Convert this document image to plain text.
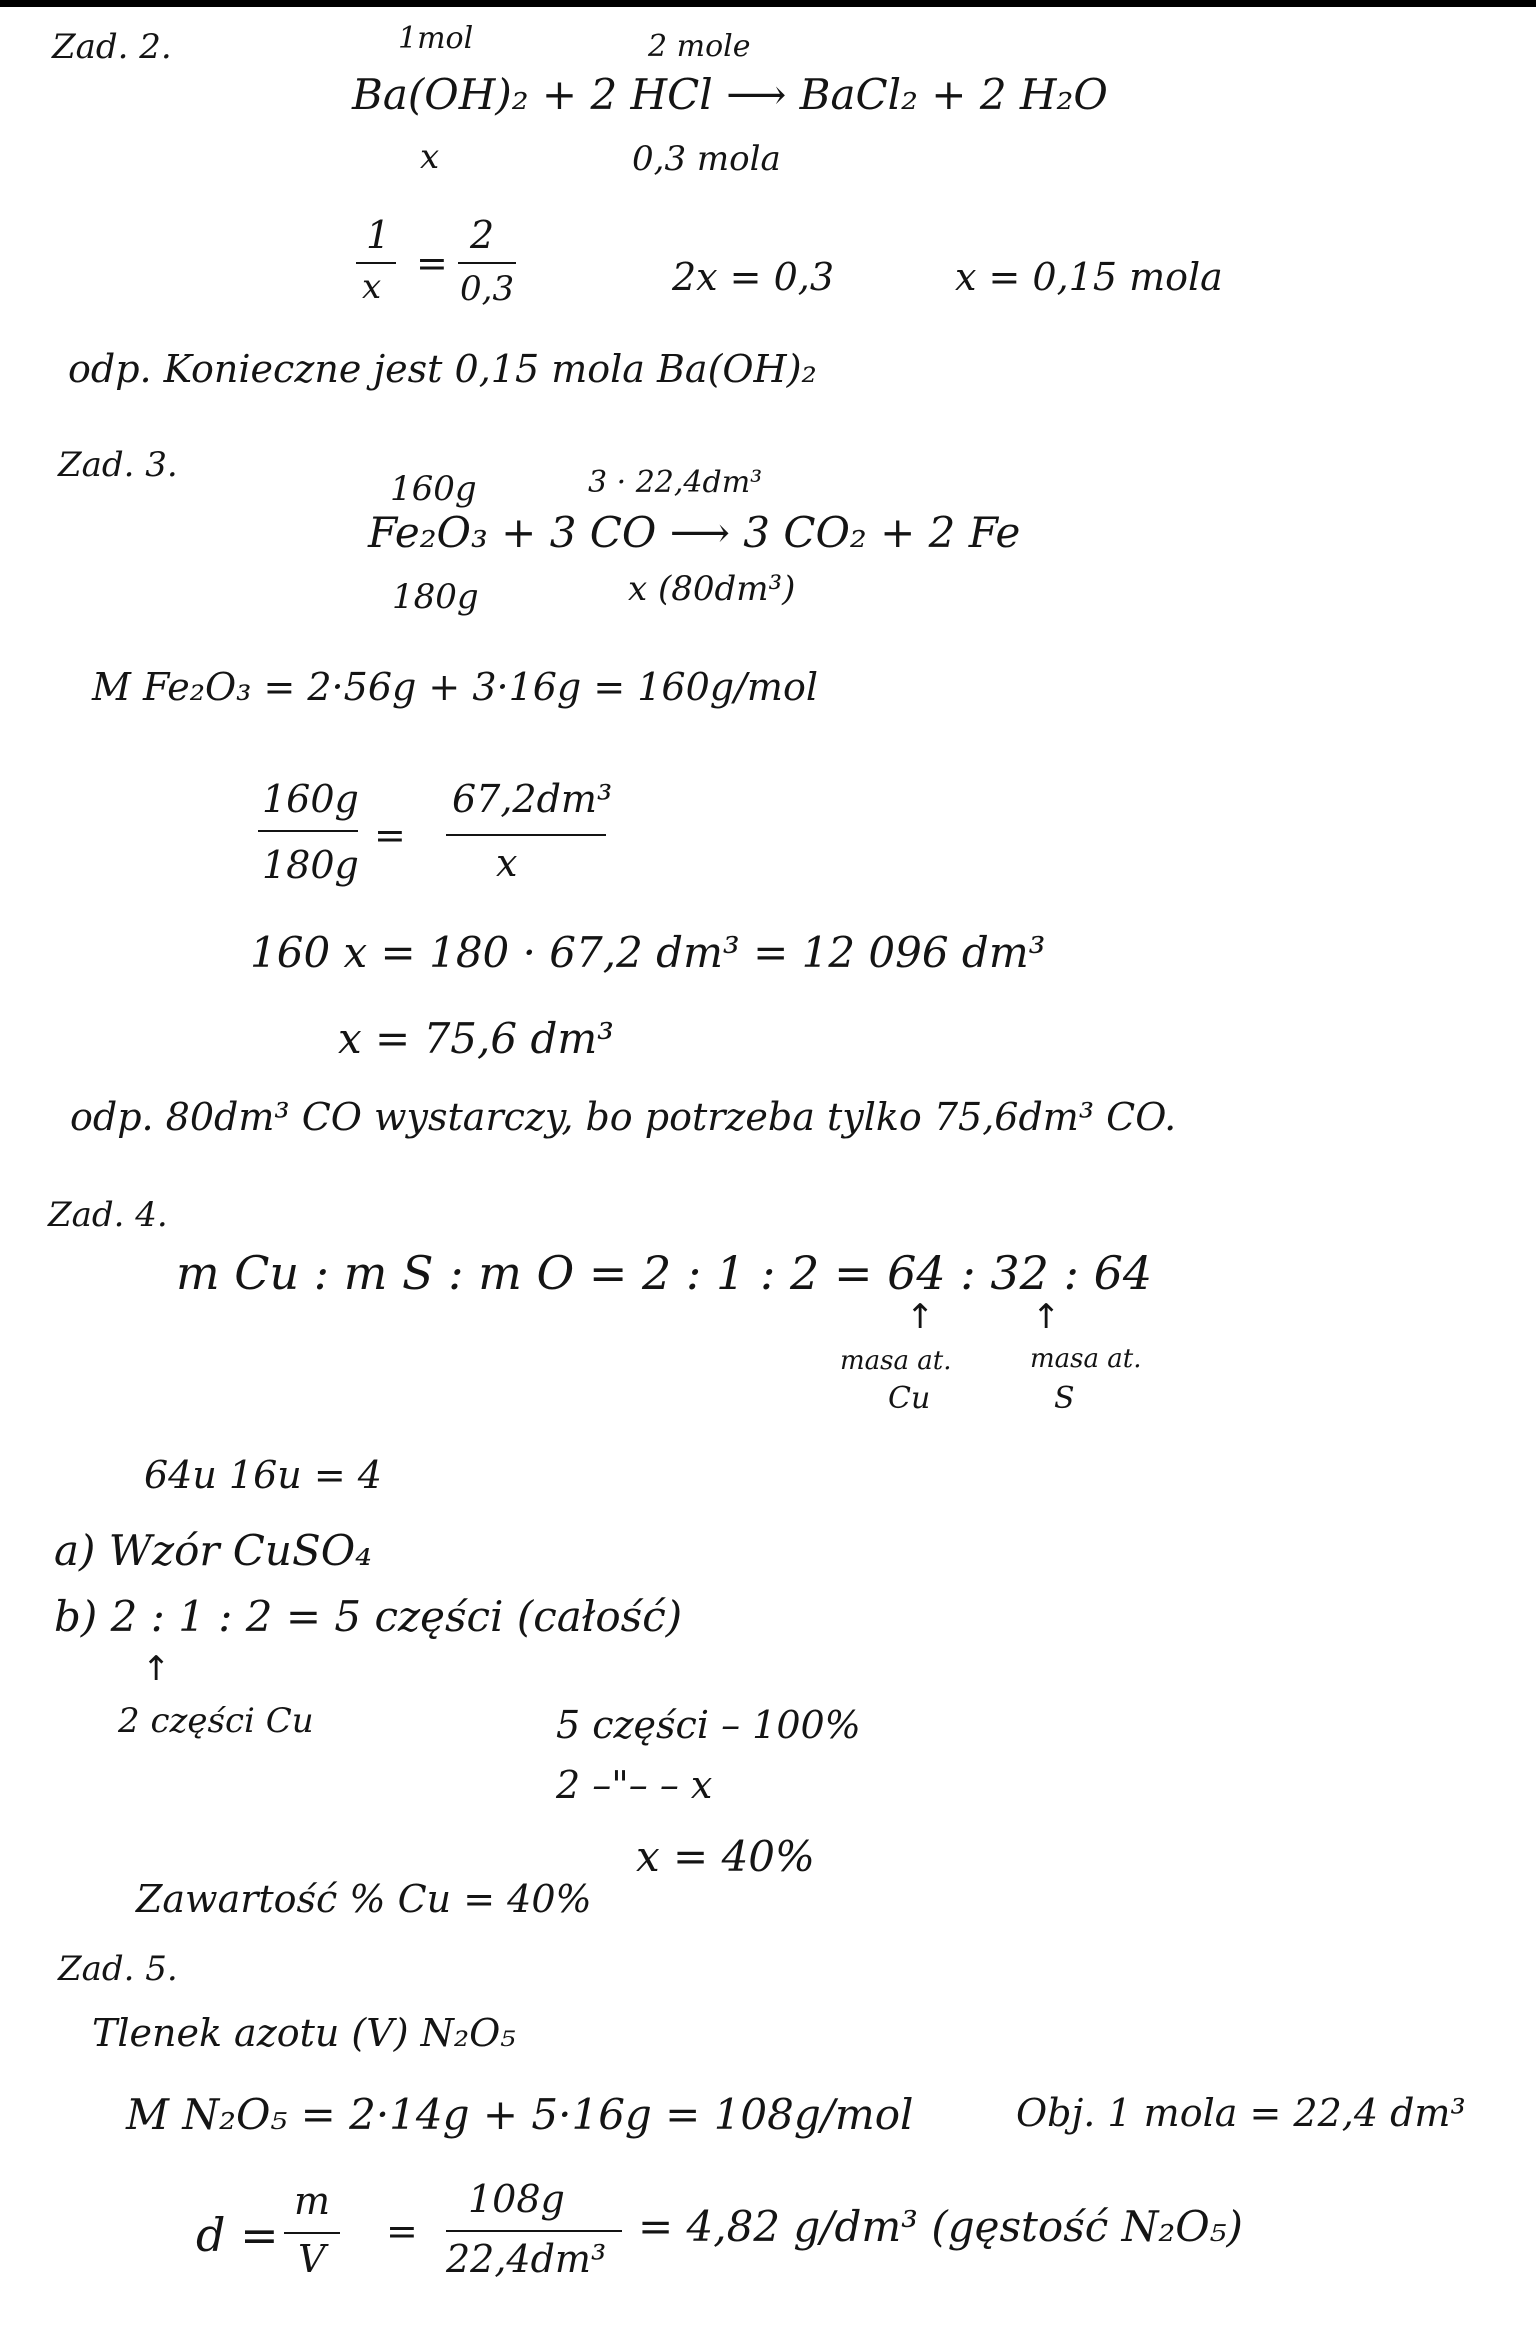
Zad. 2.	1mol	2 mole
Ba(OH)₂ + 2 HCl ⟶ BaCl₂ + 2 H₂O
x	0,3 mola
1
x
=
2
0,3	2x = 0,3	x = 0,15 mola
odp. Konieczne jest 0,15 mola Ba(OH)₂
Zad. 3.
160g	3 · 22,4dm³
Fe₂O₃ + 3 CO ⟶ 3 CO₂ + 2 Fe
180g	x (80dm³)
M Fe₂O₃ = 2·56g + 3·16g = 160g/mol
160g
180g
=
67,2dm³
x
160 x = 180 · 67,2 dm³ = 12 096 dm³
x = 75,6 dm³
odp. 80dm³ CO wystarczy, bo potrzeba tylko 75,6dm³ CO.
Zad. 4.
m Cu : m S : m O = 2 : 1 : 2 = 64 : 32 : 64
↑	↑
masa at.
Cu
masa at.
S
64u 16u = 4
a) Wzór CuSO₄
b) 2 : 1 : 2 = 5 części (całość)
↑
2 części Cu	5 części – 100%
2 –"– – x
x = 40%
Zawartość % Cu = 40%
Zad. 5.
Tlenek azotu (V) N₂O₅
M N₂O₅ = 2·14g + 5·16g = 108g/mol	Obj. 1 mola = 22,4 dm³
d =
m
V
=
108g
22,4dm³
= 4,82 g/dm³ (gęstość N₂O₅)
